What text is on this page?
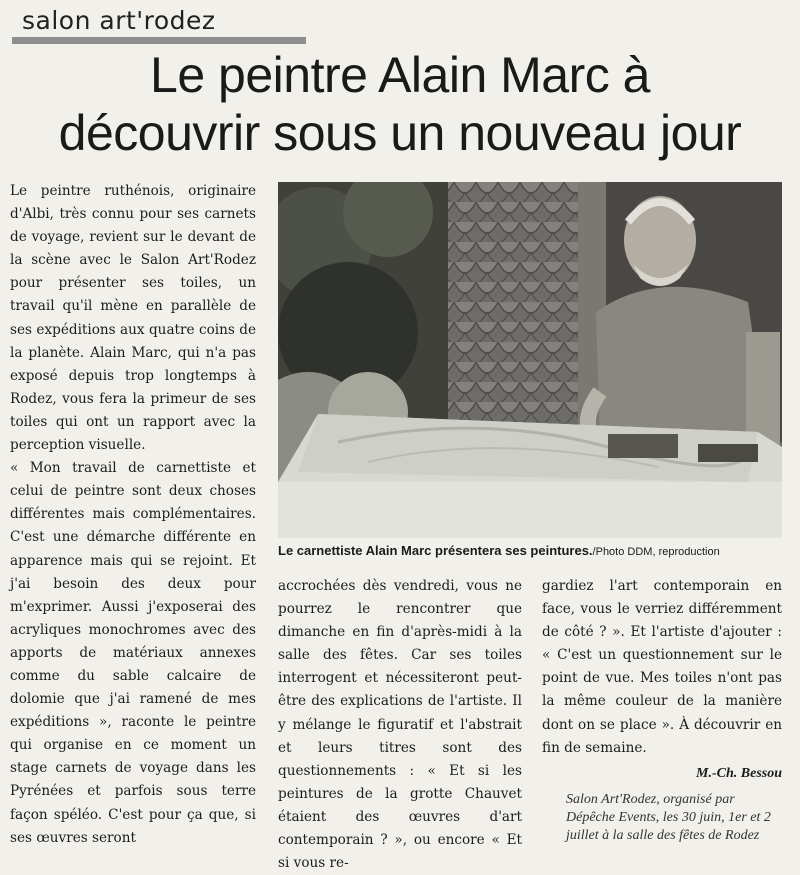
salon art'rodez
Le peintre Alain Marc à
découvrir sous un nouveau jour

Le peintre ruthénois, originaire d'Albi, très connu pour ses carnets de voyage, revient sur le devant de la scène avec le Salon Art'Rodez pour présenter ses toiles, un travail qu'il mène en parallèle de ses expéditions aux quatre coins de la planète. Alain Marc, qui n'a pas exposé depuis trop longtemps à Rodez, vous fera la primeur de ses toiles qui ont un rapport avec la perception visuelle.

« Mon travail de carnettiste et celui de peintre sont deux choses différentes mais complémentaires. C'est une démarche différente en apparence mais qui se rejoint. Et j'ai besoin des deux pour m'exprimer. Aussi j'exposerai des acryliques monochromes avec des apports de matériaux annexes comme du sable calcaire de dolomie que j'ai ramené de mes expéditions », raconte le peintre qui organise en ce moment un stage carnets de voyage dans les Pyrénées et parfois sous terre façon spéléo. C'est pour ça que, si ses œuvres seront

Le carnettiste Alain Marc présentera ses peintures./Photo DDM, reproduction

accrochées dès vendredi, vous ne pourrez le rencontrer que dimanche en fin d'après-midi à la salle des fêtes. Car ses toiles interrogent et nécessiteront peut-être des explications de l'artiste. Il y mélange le figuratif et l'abstrait et leurs titres sont des questionnements : « Et si les peintures de la grotte Chauvet étaient des œuvres d'art contemporain ? », ou encore « Et si vous re-

gardiez l'art contemporain en face, vous le verriez différemment de côté ? ». Et l'artiste d'ajouter : « C'est un questionnement sur le point de vue. Mes toiles n'ont pas la même couleur de la manière dont on se place ». À découvrir en fin de semaine.

M.-Ch. Bessou
Salon Art'Rodez, organisé par Dépêche Events, les 30 juin, 1er et 2 juillet à la salle des fêtes de Rodez
